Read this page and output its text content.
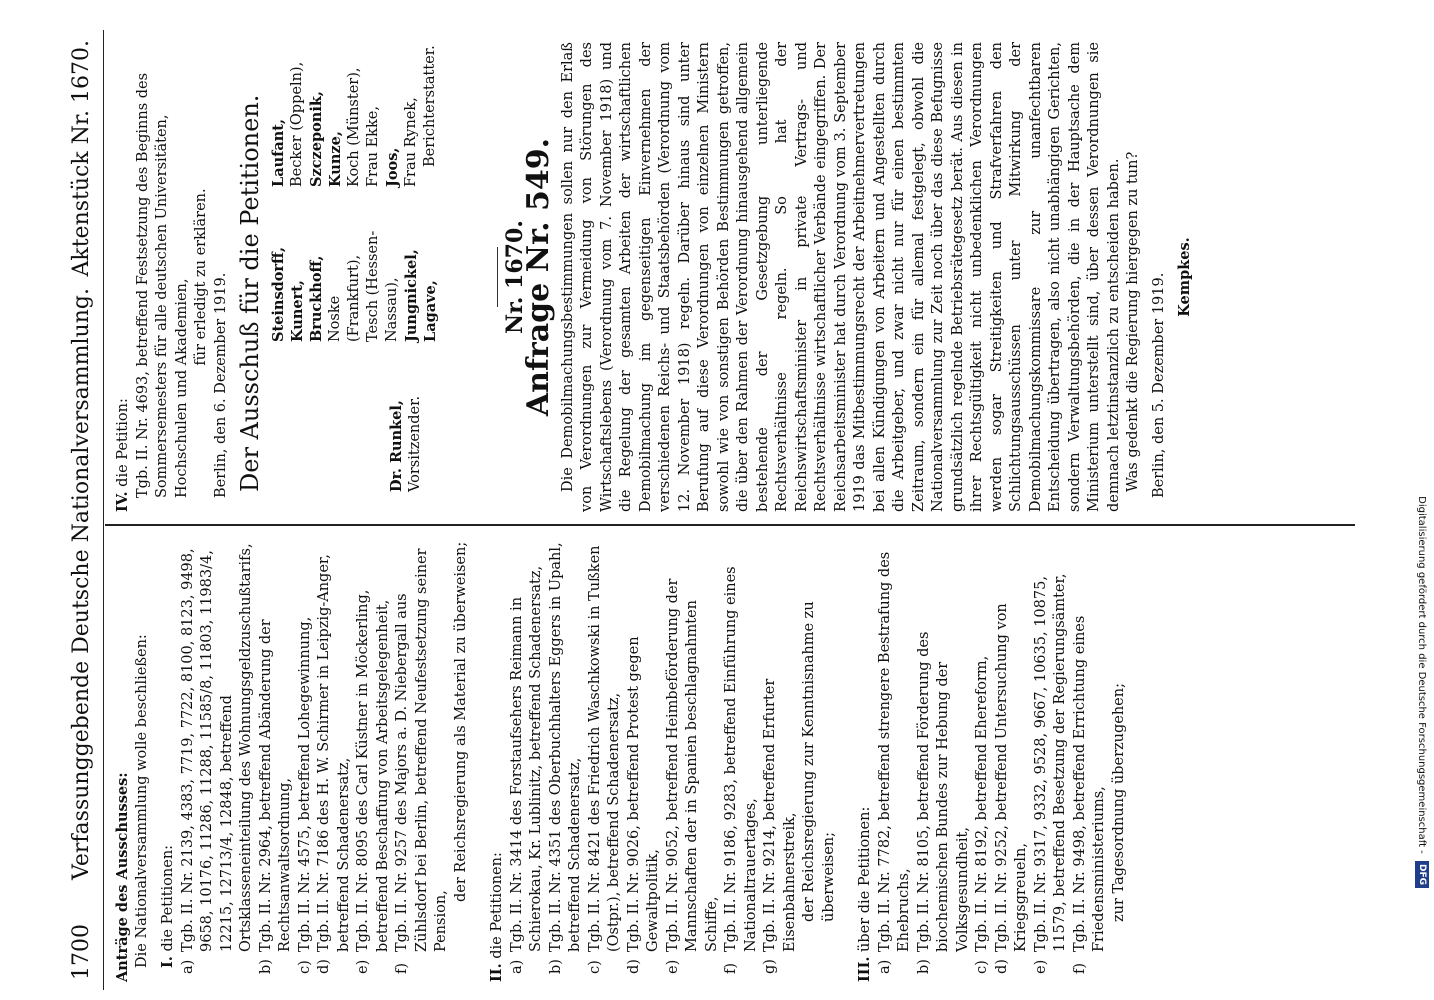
Digitalisierung gefördert durch die Deutsche Forschungsgemeinschaft - DFG
1700
Verfassunggebende Deutsche Nationalversammlung.
Aktenstück Nr. 1670.
Anträge des Ausschusses: Die Nationalversammlung wolle beschließen: I. die Petitionen:
a)
Tgb. II. Nr. 2139, 4383, 7719, 7722, 8100, 8123, 9498, 9658, 10176, 11286, 11288, 11585/8, 11803, 11983/4, 12215, 12713/4, 12848, betreffend Ortsklasseneinteilung des Wohnungsgeldzuschußtarifs,
b)
Tgb. II. Nr. 2964, betreffend Abänderung der Rechtsanwaltsordnung,
c)
Tgb. II. Nr. 4575, betreffend Lohegewinnung,
d)
Tgb. II. Nr. 7186 des H. W. Schirmer in Leipzig-Anger, betreffend Schadenersatz,
e)
Tgb. II. Nr. 8095 des Carl Küstner in Möckerling, betreffend Beschaffung von Arbeitsgelegenheit,
f)
Tgb. II. Nr. 9257 des Majors a. D. Niebergall aus Zühlsdorf bei Berlin, betreffend Neufestsetzung seiner Pension,
der Reichsregierung als Material zu überweisen;
II. die Petitionen:
a)
Tgb. II. Nr. 3414 des Forstaufsehers Reimann in Schierokau, Kr. Lublinitz, betreffend Schadenersatz,
b)
Tgb. II. Nr. 4351 des Oberbuchhalters Eggers in Upahl, betreffend Schadenersatz,
c)
Tgb. II. Nr. 8421 des Friedrich Waschkowski in Tußken (Ostpr.), betreffend Schadenersatz,
d)
Tgb. II. Nr. 9026, betreffend Protest gegen Gewaltpolitik,
e)
Tgb. II. Nr. 9052, betreffend Heimbeförderung der Mannschaften der in Spanien beschlagnahmten Schiffe,
f)
Tgb. II. Nr. 9186, 9283, betreffend Einführung eines Nationaltrauertages,
g)
Tgb. II. Nr. 9214, betreffend Erfurter Eisenbahnerstreik, der Reichsregierung zur Kenntnisnahme zu überweisen;
III. über die Petitionen:
a)
Tgb. II. Nr. 7782, betreffend strengere Bestrafung des Ehebruchs,
b)
Tgb. II. Nr. 8105, betreffend Förderung des biochemischen Bundes zur Hebung der Volksgesundheit,
c)
Tgb. II. Nr. 8192, betreffend Ehereform,
d)
Tgb. II. Nr. 9252, betreffend Untersuchung von Kriegsgreueln,
e)
Tgb. II. Nr. 9317, 9332, 9528, 9667, 10635, 10875, 11579, betreffend Besetzung der Regierungsämter,
f)
Tgb. II. Nr. 9498, betreffend Errichtung eines Friedensministeriums, zur Tagesordnung überzugehen;
IV. die Petition: Tgb. II. Nr. 4693, betreffend Festsetzung des Beginns des Sommersemesters für alle deutschen Universitäten, Hochschulen und Akademien,
für erledigt zu erklären. Berlin, den 6. Dezember 1919. Der Ausschuß für die Petitionen.	Dr. Runkel, Vorsitzender.
Steinsdorff, Kunert, Bruckhoff, Noske (Frankfurt), Tesch (Hessen-Nassau), Jungnickel, Lagave,
Laufant, Becker (Oppeln), Szczeponik, Kunze, Koch (Münster), Frau Ekke, Joos, Frau Rynek, Berichterstatter.
Nr. 1670.
Anfrage Nr. 549. Die Demobilmachungsbestimmungen sollen nur den Erlaß von Verordnungen zur Vermeidung von Störungen des Wirtschaftslebens (Verordnung vom 7. November 1918) und die Regelung der gesamten Arbeiten der wirtschaftlichen Demobilmachung im gegenseitigen Einvernehmen der verschiedenen Reichs- und Staatsbehörden (Verordnung vom 12. November 1918) regeln. Darüber hinaus sind unter Berufung auf diese Verordnungen von einzelnen Ministern sowohl wie von sonstigen Behörden Bestimmungen getroffen, die über den Rahmen der Verordnung hinausgehend allgemein bestehende der Gesetzgebung unterliegende Rechtsverhältnisse regeln. So hat der Reichswirtschaftsminister in private Vertrags- und Rechtsverhältnisse wirtschaftlicher Verbände eingegriffen. Der Reichsarbeitsminister hat durch Verordnung vom 3. September 1919 das Mitbestimmungsrecht der Arbeitnehmervertretungen bei allen Kündigungen von Arbeitern und Angestellten durch die Arbeitgeber, und zwar nicht nur für einen bestimmten Zeitraum, sondern ein für allemal festgelegt, obwohl die Nationalversammlung zur Zeit noch über das diese Befugnisse grundsätzlich regelnde Betriebsrätegesetz berät. Aus diesen in ihrer Rechtsgültigkeit nicht unbedenklichen Verordnungen werden sogar Streitigkeiten und Strafverfahren den Schlichtungsausschüssen unter Mitwirkung der Demobilmachungskommissare zur unanfechtbaren Entscheidung übertragen, also nicht unabhängigen Gerichten, sondern Verwaltungsbehörden, die in der Hauptsache dem Ministerium unterstellt sind, über dessen Verordnungen sie demnach letztinstanzlich zu entscheiden haben. Was gedenkt die Regierung hiergegen zu tun? Berlin, den 5. Dezember 1919. Kempkes.
